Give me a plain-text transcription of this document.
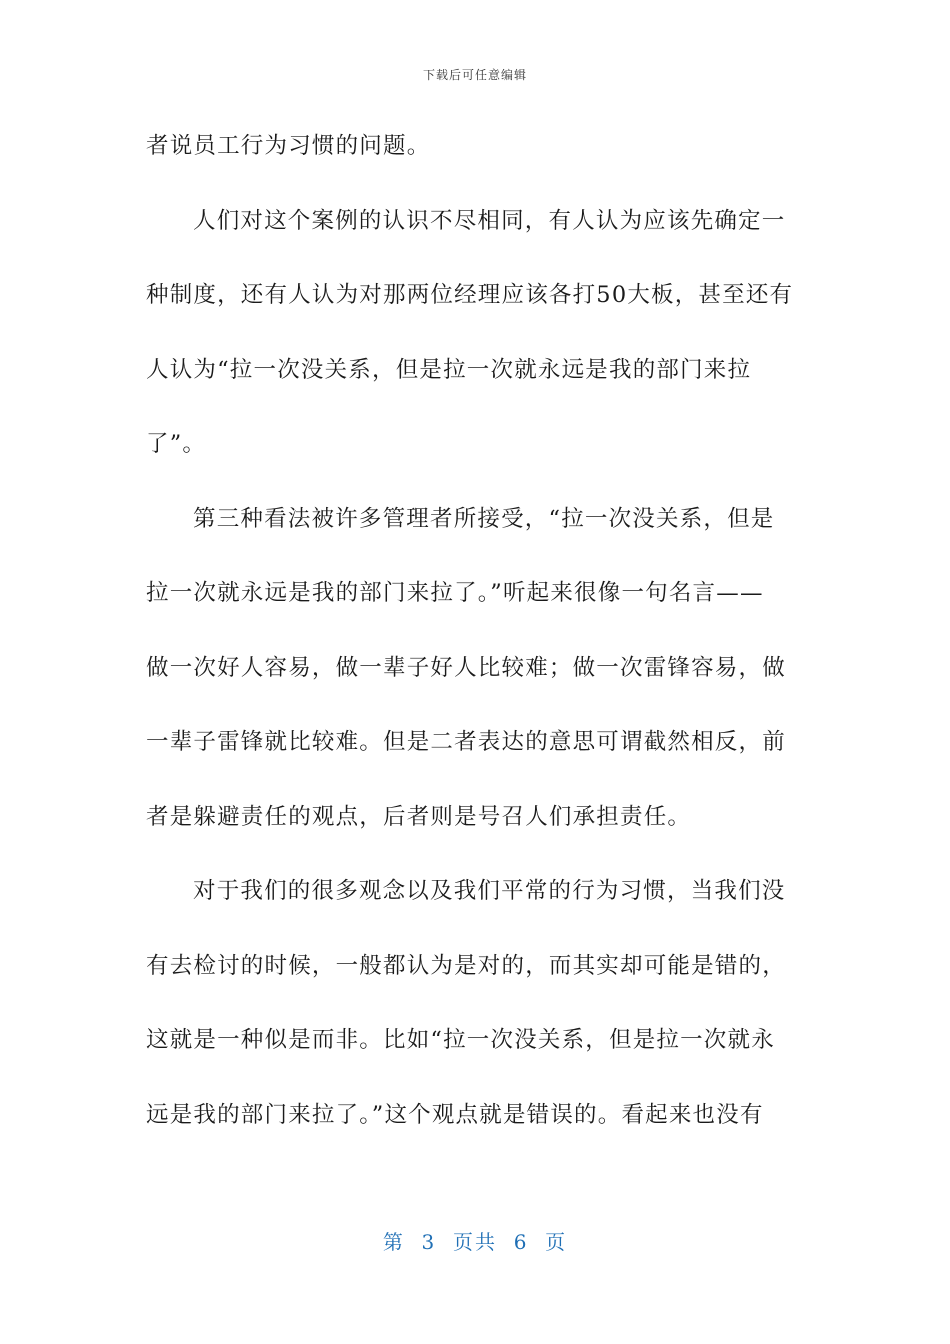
下载后可任意编辑
者说员工行为习惯的问题。
人们对这个案例的认识不尽相同，有人认为应该先确定一
种制度，还有人认为对那两位经理应该各打50大板，甚至还有
人认为“拉一次没关系，但是拉一次就永远是我的部门来拉
了”。
第三种看法被许多管理者所接受，“拉一次没关系，但是
拉一次就永远是我的部门来拉了。”听起来很像一句名言——
做一次好人容易，做一辈子好人比较难；做一次雷锋容易，做
一辈子雷锋就比较难。但是二者表达的意思可谓截然相反，前
者是躲避责任的观点，后者则是号召人们承担责任。
对于我们的很多观念以及我们平常的行为习惯，当我们没
有去检讨的时候，一般都认为是对的，而其实却可能是错的，
这就是一种似是而非。比如“拉一次没关系，但是拉一次就永
远是我的部门来拉了。”这个观点就是错误的。看起来也没有
第  3  页共  6  页
